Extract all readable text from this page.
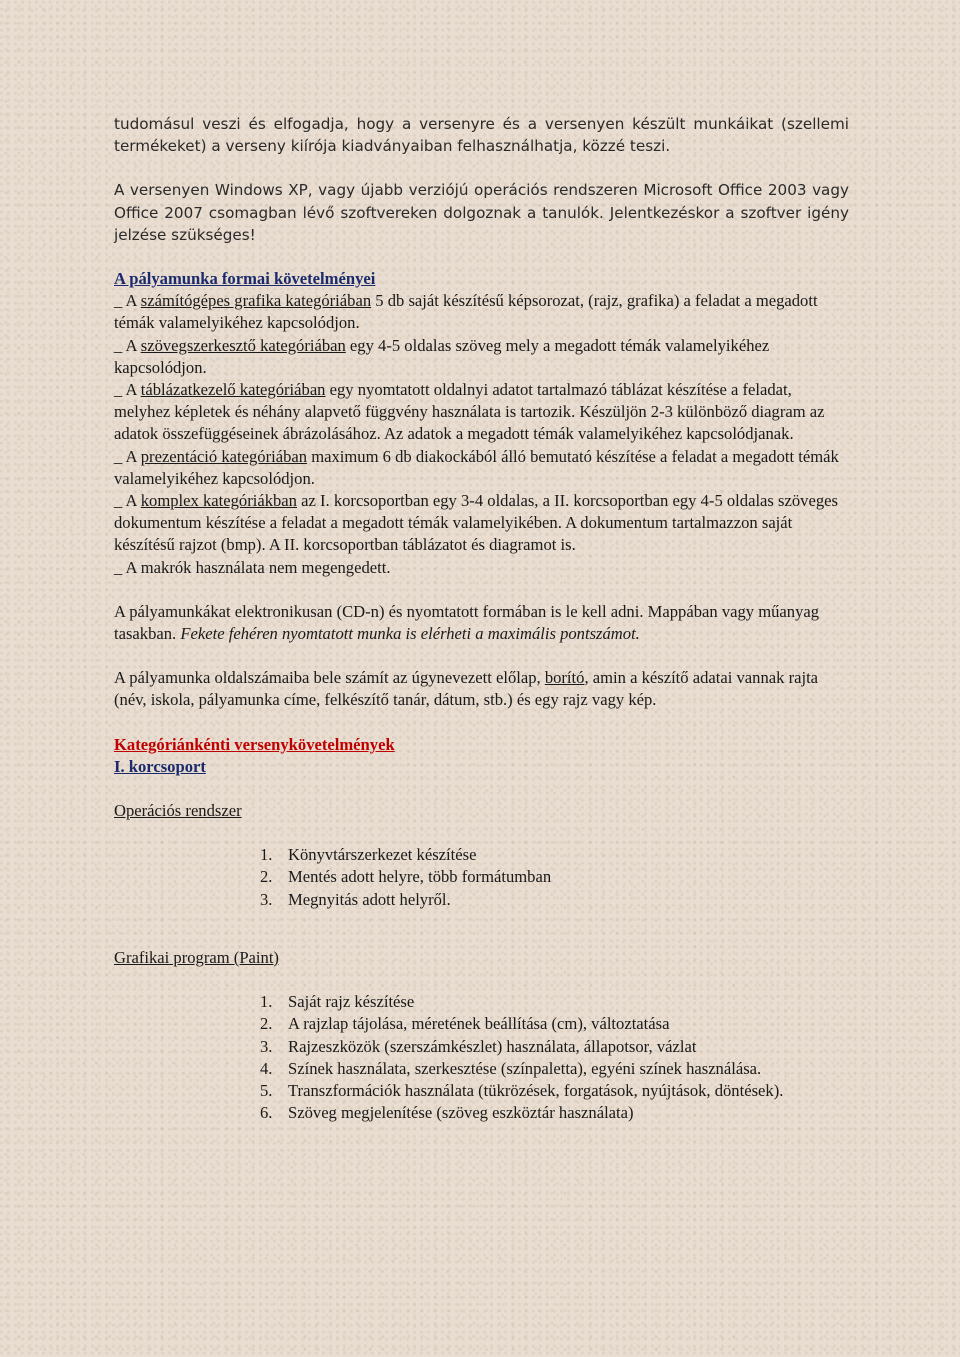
tudomásul veszi és elfogadja, hogy a versenyre és a versenyen készült munkáikat (szellemi termékeket) a verseny kiírója kiadványaiban felhasználhatja, közzé teszi.

A versenyen Windows XP, vagy újabb verziójú operációs rendszeren Microsoft Office 2003 vagy Office 2007 csomagban lévő szoftvereken dolgoznak a tanulók. Jelentkezéskor a szoftver igény jelzése szükséges!

A pályamunka formai követelményei

_ A számítógépes grafika kategóriában 5 db saját készítésű képsorozat, (rajz, grafika) a feladat a megadott témák valamelyikéhez kapcsolódjon.

_ A szövegszerkesztő kategóriában egy 4-5 oldalas szöveg mely a megadott témák valamelyikéhez kapcsolódjon.

_ A táblázatkezelő kategóriában egy nyomtatott oldalnyi adatot tartalmazó táblázat készítése a feladat, melyhez képletek és néhány alapvető függvény használata is tartozik. Készüljön 2-3 különböző diagram az adatok összefüggéseinek ábrázolásához. Az adatok a megadott témák valamelyikéhez kapcsolódjanak.

_ A prezentáció kategóriában maximum 6 db diakockából álló bemutató készítése a feladat a megadott témák valamelyikéhez kapcsolódjon.

_ A komplex kategóriákban az I. korcsoportban egy 3-4 oldalas, a II. korcsoportban egy 4-5 oldalas szöveges dokumentum készítése a feladat a megadott témák valamelyikében. A dokumentum tartalmazzon saját készítésű rajzot (bmp). A II. korcsoportban táblázatot és diagramot is.

_ A makrók használata nem megengedett.

A pályamunkákat elektronikusan (CD-n) és nyomtatott formában is le kell adni. Mappában vagy műanyag tasakban. Fekete fehéren nyomtatott munka is elérheti a maximális pontszámot.

A pályamunka oldalszámaiba bele számít az úgynevezett előlap, borító, amin a készítő adatai vannak rajta (név, iskola, pályamunka címe, felkészítő tanár, dátum, stb.) és egy rajz vagy kép.

Kategóriánkénti versenykövetelmények

I. korcsoport

Operációs rendszer

1. Könyvtárszerkezet készítése
2. Mentés adott helyre, több formátumban
3. Megnyitás adott helyről.

Grafikai program (Paint)

1. Saját rajz készítése
2. A rajzlap tájolása, méretének beállítása (cm), változtatása
3. Rajzeszközök (szerszámkészlet) használata, állapotsor, vázlat
4. Színek használata, szerkesztése (színpaletta), egyéni színek használása.
5. Transzformációk használata (tükrözések, forgatások, nyújtások, döntések).
6. Szöveg megjelenítése (szöveg eszköztár használata)
